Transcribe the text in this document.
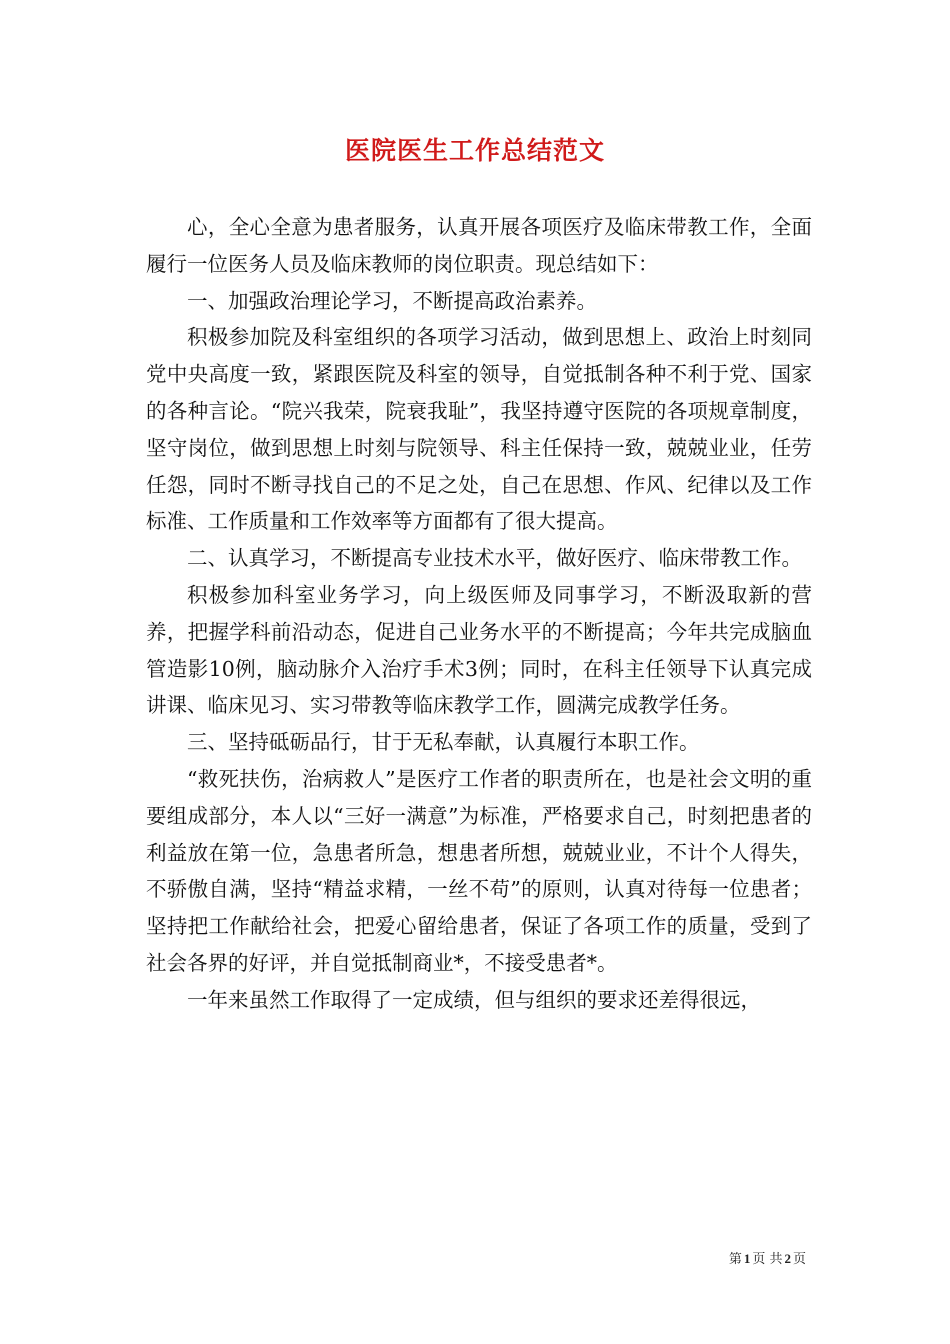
医院医生工作总结范文

心，全心全意为患者服务，认真开展各项医疗及临床带教工作，全面履行一位医务人员及临床教师的岗位职责。现总结如下：

一、加强政治理论学习，不断提高政治素养。

积极参加院及科室组织的各项学习活动，做到思想上、政治上时刻同党中央高度一致，紧跟医院及科室的领导，自觉抵制各种不利于党、国家的各种言论。“院兴我荣，院衰我耻”，我坚持遵守医院的各项规章制度，坚守岗位，做到思想上时刻与院领导、科主任保持一致，兢兢业业，任劳任怨，同时不断寻找自己的不足之处，自己在思想、作风、纪律以及工作标准、工作质量和工作效率等方面都有了很大提高。

二、认真学习，不断提高专业技术水平，做好医疗、临床带教工作。

积极参加科室业务学习，向上级医师及同事学习，不断汲取新的营养，把握学科前沿动态，促进自己业务水平的不断提高；今年共完成脑血管造影10例，脑动脉介入治疗手术3例；同时，在科主任领导下认真完成讲课、临床见习、实习带教等临床教学工作，圆满完成教学任务。

三、坚持砥砺品行，甘于无私奉献，认真履行本职工作。

“救死扶伤，治病救人”是医疗工作者的职责所在，也是社会文明的重要组成部分，本人以“三好一满意”为标准，严格要求自己，时刻把患者的利益放在第一位，急患者所急，想患者所想，兢兢业业，不计个人得失，不骄傲自满，坚持“精益求精，一丝不苟”的原则，认真对待每一位患者；坚持把工作献给社会，把爱心留给患者，保证了各项工作的质量，受到了社会各界的好评，并自觉抵制商业*，不接受患者*。

一年来虽然工作取得了一定成绩，但与组织的要求还差得很远，

第 1 页 共 2 页
